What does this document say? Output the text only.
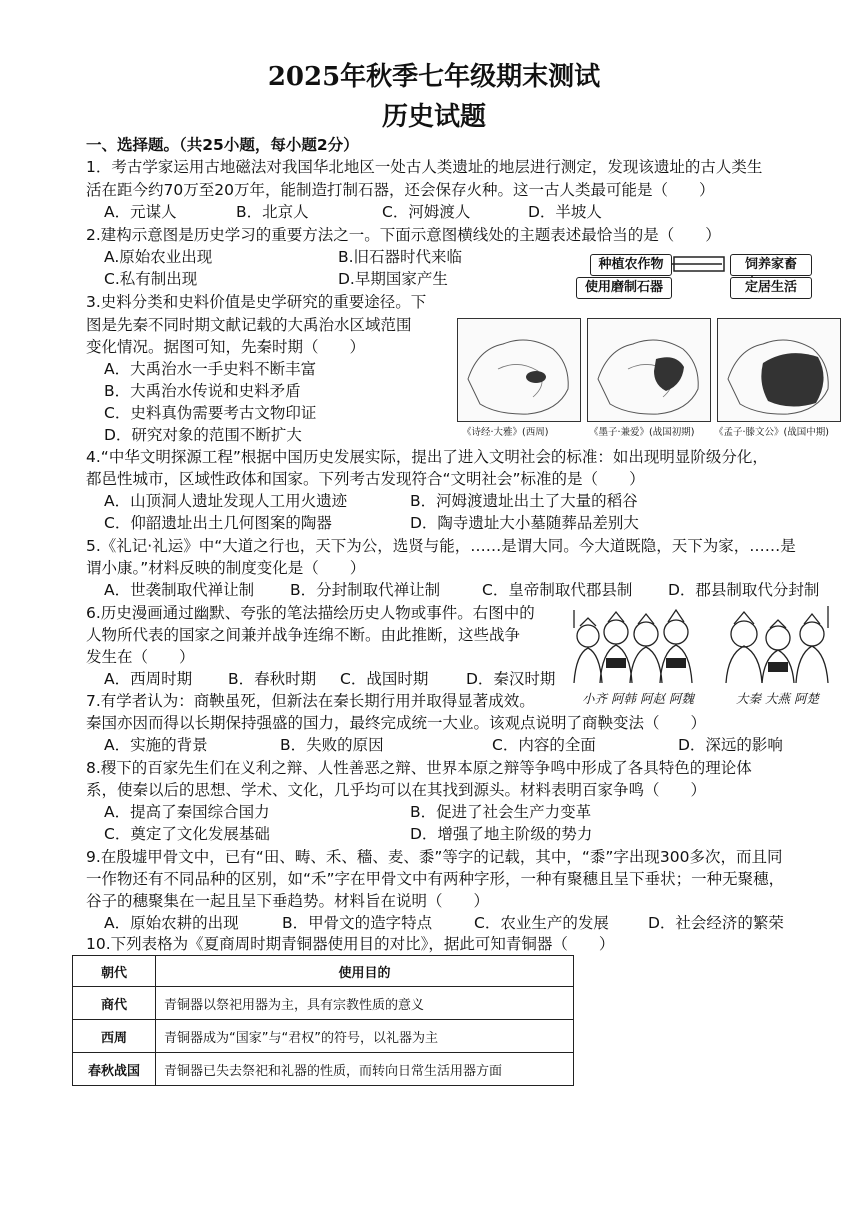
2025年秋季七年级期末测试
历史试题
一、选择题。（共25小题，每小题2分）
1．考古学家运用古地磁法对我国华北地区一处古人类遗址的地层进行测定，发现该遗址的古人类生
活在距今约70万至20万年，能制造打制石器，还会保存火种。这一古人类最可能是（　　）
A．元谋人	B．北京人	C．河姆渡人	D．半坡人
2.建构示意图是历史学习的重要方法之一。下面示意图横线处的主题表述最恰当的是（　　）
A.原始农业出现	B.旧石器时代来临
C.私有制出现	D.早期国家产生
种植农作物	饲养家畜
使用磨制石器	定居生活
3.史料分类和史料价值是史学研究的重要途径。下
图是先秦不同时期文献记载的大禹治水区域范围
变化情况。据图可知，先秦时期（　　）
A．大禹治水一手史料不断丰富
B．大禹治水传说和史料矛盾
C．史料真伪需要考古文物印证
D．研究对象的范围不断扩大	《诗经·大雅》(西周)	《墨子·兼爱》(战国初期) 《孟子·滕文公》(战国中期)
4.“中华文明探源工程”根据中国历史发展实际，提出了进入文明社会的标准：如出现明显阶级分化，
都邑性城市，区域性政体和国家。下列考古发现符合“文明社会”标准的是（　　）
A．山顶洞人遗址发现人工用火遗迹	B．河姆渡遗址出土了大量的稻谷
C．仰韶遗址出土几何图案的陶器	D．陶寺遗址大小墓随葬品差别大
5.《礼记·礼运》中“大道之行也，天下为公，选贤与能，……是谓大同。今大道既隐，天下为家，……是
谓小康。”材料反映的制度变化是（　　）
A．世袭制取代禅让制 B．分封制取代禅让制	C．皇帝制取代郡县制 D．郡县制取代分封制
6.历史漫画通过幽默、夸张的笔法描绘历史人物或事件。右图中的
人物所代表的国家之间兼并战争连绵不断。由此推断，这些战争
发生在（　　）
A．西周时期 B．春秋时期 C．战国时期 D．秦汉时期
小齐 阿韩 阿赵 阿魏	大秦 大燕 阿楚
7.有学者认为：商鞅虽死，但新法在秦长期行用并取得显著成效。
秦国亦因而得以长期保持强盛的国力，最终完成统一大业。该观点说明了商鞅变法（　　）
A．实施的背景	B．失败的原因	C．内容的全面	D．深远的影响
8.稷下的百家先生们在义利之辩、人性善恶之辩、世界本原之辩等争鸣中形成了各具特色的理论体
系，使秦以后的思想、学术、文化，几乎均可以在其找到源头。材料表明百家争鸣（　　）
A．提高了秦国综合国力	B．促进了社会生产力变革
C．奠定了文化发展基础	D．增强了地主阶级的势力
9.在殷墟甲骨文中，已有“田、畴、禾、穡、麦、黍”等字的记载，其中，“黍”字出现300多次，而且同
一作物还有不同品种的区别，如“禾”字在甲骨文中有两种字形，一种有聚穗且呈下垂状；一种无聚穗，
谷子的穗聚集在一起且呈下垂趋势。材料旨在说明（　　）
A．原始农耕的出现	B．甲骨文的造字特点	C．农业生产的发展	D．社会经济的繁荣
10.下列表格为《夏商周时期青铜器使用目的对比》，据此可知青铜器（　　）
朝代	使用目的
商代	青铜器以祭祀用器为主，具有宗教性质的意义
西周	青铜器成为“国家”与“君权”的符号，以礼器为主
春秋战国	青铜器已失去祭祀和礼器的性质，而转向日常生活用器方面
